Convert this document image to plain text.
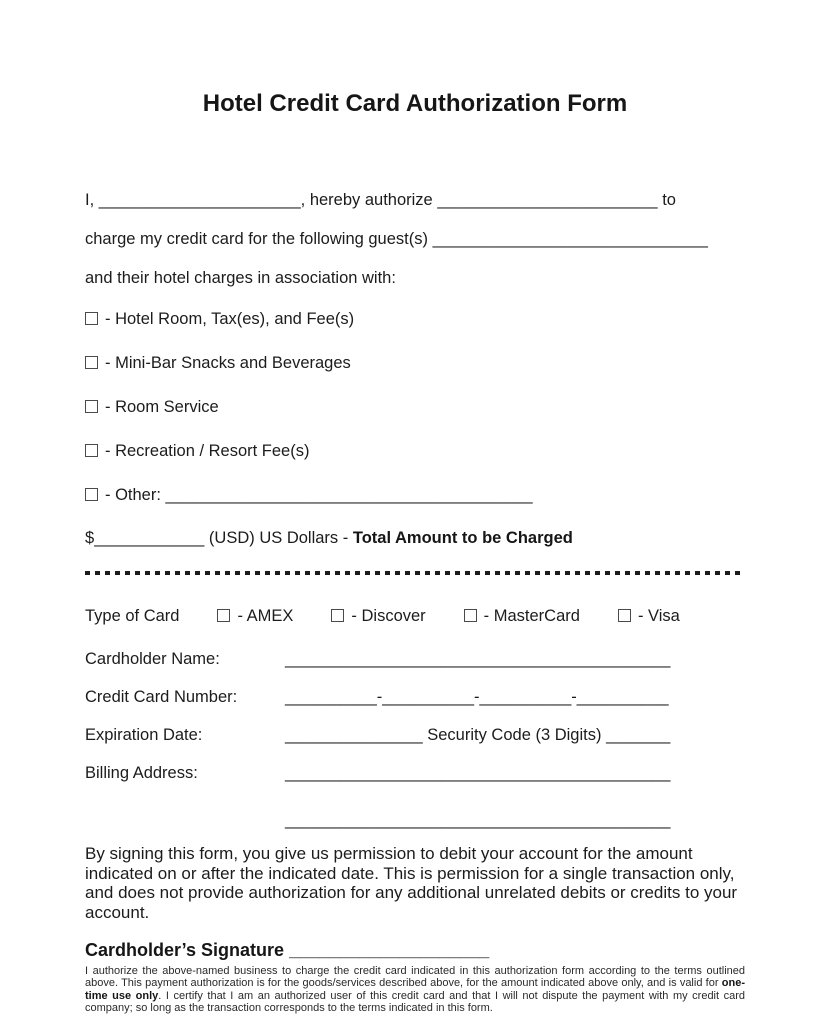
Hotel Credit Card Authorization Form
I, ______________________, hereby authorize ________________________ to
charge my credit card for the following guest(s) ______________________________
and their hotel charges in association with:
- Hotel Room, Tax(es), and Fee(s)
- Mini-Bar Snacks and Beverages
- Room Service
- Recreation / Resort Fee(s)
- Other: ________________________________________
$____________ (USD) US Dollars - Total Amount to be Charged
Type of Card	- AMEX	- Discover	- MasterCard	- Visa
Cardholder Name:	__________________________________________
Credit Card Number:	__________-__________-__________-__________
Expiration Date:	_______________ Security Code (3 Digits) _______
Billing Address:	__________________________________________
__________________________________________

By signing this form, you give us permission to debit your account for the amount indicated on or after the indicated date. This is permission for a single transaction only, and does not provide authorization for any additional unrelated debits or credits to your account.

Cardholder’s Signature ____________________

I authorize the above-named business to charge the credit card indicated in this authorization form according to the terms outlined above. This payment authorization is for the goods/services described above, for the amount indicated above only, and is valid for one-time use only. I certify that I am an authorized user of this credit card and that I will not dispute the payment with my credit card company; so long as the transaction corresponds to the terms indicated in this form.
